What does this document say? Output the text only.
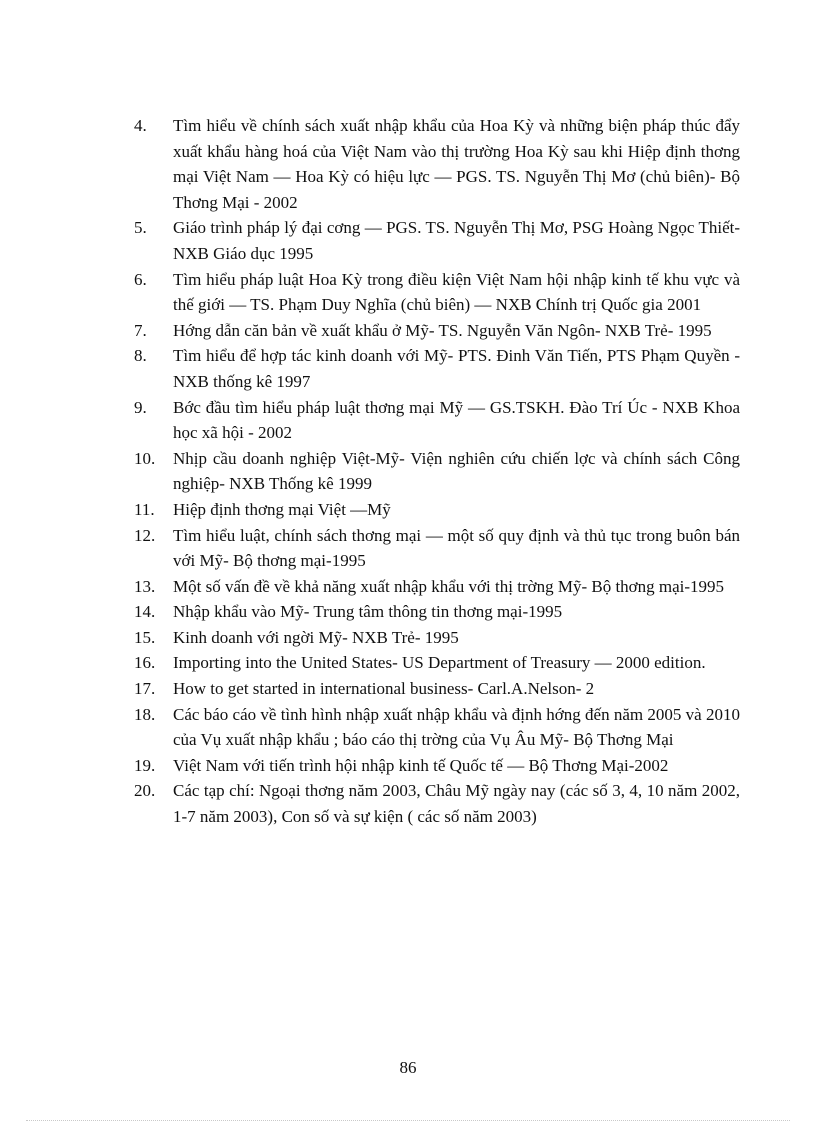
4. Tìm hiểu về chính sách xuất nhập khẩu của Hoa Kỳ và những biện pháp thúc đẩy xuất khẩu hàng hoá của Việt Nam vào thị trường Hoa Kỳ sau khi Hiệp định thơng mại Việt Nam — Hoa Kỳ có hiệu lực — PGS. TS. Nguyễn Thị Mơ (chủ biên)- Bộ Thơng Mại - 2002
5. Giáo trình pháp lý đại cơng — PGS. TS. Nguyễn Thị Mơ, PSG Hoàng Ngọc Thiết- NXB Giáo dục 1995
6. Tìm hiểu pháp luật Hoa Kỳ trong điều kiện Việt Nam hội nhập kinh tế khu vực và thế giới — TS. Phạm Duy Nghĩa (chủ biên) — NXB Chính trị Quốc gia 2001
7. Hớng dẫn căn bản về xuất khẩu ở Mỹ- TS. Nguyễn Văn Ngôn- NXB Trẻ- 1995
8. Tìm hiểu để hợp tác kinh doanh với Mỹ- PTS. Đinh Văn Tiến, PTS Phạm Quyền - NXB thống kê 1997
9. Bớc đầu tìm hiểu pháp luật thơng mại Mỹ — GS.TSKH. Đào Trí Úc - NXB Khoa học xã hội - 2002
10. Nhịp cầu doanh nghiệp Việt-Mỹ- Viện nghiên cứu chiến lợc và chính sách Công nghiệp- NXB Thống kê 1999
11. Hiệp định thơng mại Việt —Mỹ
12. Tìm hiểu luật, chính sách thơng mại — một số quy định và thủ tục trong buôn bán với Mỹ- Bộ thơng mại-1995
13. Một số vấn đề về khả năng xuất nhập khẩu với thị trờng Mỹ- Bộ thơng mại-1995
14. Nhập khẩu vào Mỹ- Trung tâm thông tin thơng mại-1995
15. Kinh doanh với ngời Mỹ- NXB Trẻ- 1995
16. Importing into the United States- US Department of Treasury — 2000 edition.
17. How to get started in international business- Carl.A.Nelson- 2
18. Các báo cáo về tình hình nhập xuất nhập khẩu và định hớng đến năm 2005 và 2010 của Vụ xuất nhập khẩu ; báo cáo thị trờng của Vụ Âu Mỹ- Bộ Thơng Mại
19. Việt Nam với tiến trình hội nhập kinh tế Quốc tế — Bộ Thơng Mại-2002
20. Các tạp chí: Ngoại thơng năm 2003, Châu Mỹ ngày nay (các số 3, 4, 10 năm 2002, 1-7 năm 2003), Con số và sự kiện ( các số năm 2003)
86
